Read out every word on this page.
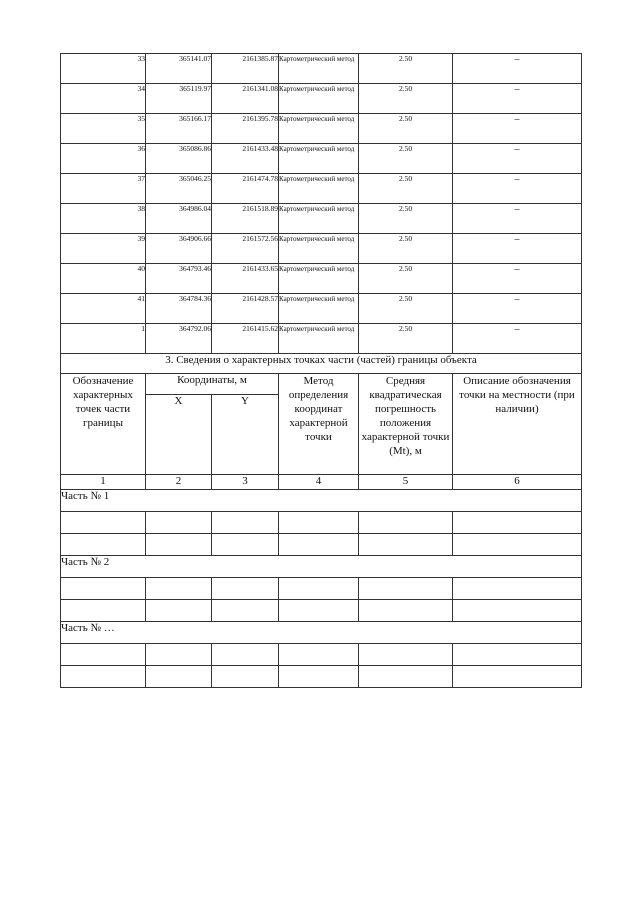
33	365141.07	2161385.87	Картометрический метод	2.50	–
34	365119.97	2161341.08	Картометрический метод	2.50	–
35	365166.17	2161395.78	Картометрический метод	2.50	–
36	365086.86	2161433.48	Картометрический метод	2.50	–
37	365046.25	2161474.78	Картометрический метод	2.50	–
38	364986.04	2161518.89	Картометрический метод	2.50	–
39	364906.66	2161572.56	Картометрический метод	2.50	–
40	364793.46	2161433.65	Картометрический метод	2.50	–
41	364784.36	2161428.57	Картометрический метод	2.50	–
1	364792.06	2161415.62	Картометрический метод	2.50	–
3. Сведения о характерных точках части (частей) границы объекта					
Обозначение характерных точек части границы	Координаты, м		Метод определения координат характерной точки	Средняя квадратическая погрешность положения характерной точки (Mt), м	Описание обозначения точки на местности (при наличии)
	X	Y			
1	2	3	4	5	6
Часть № 1					

Часть № 2					

Часть № …					
